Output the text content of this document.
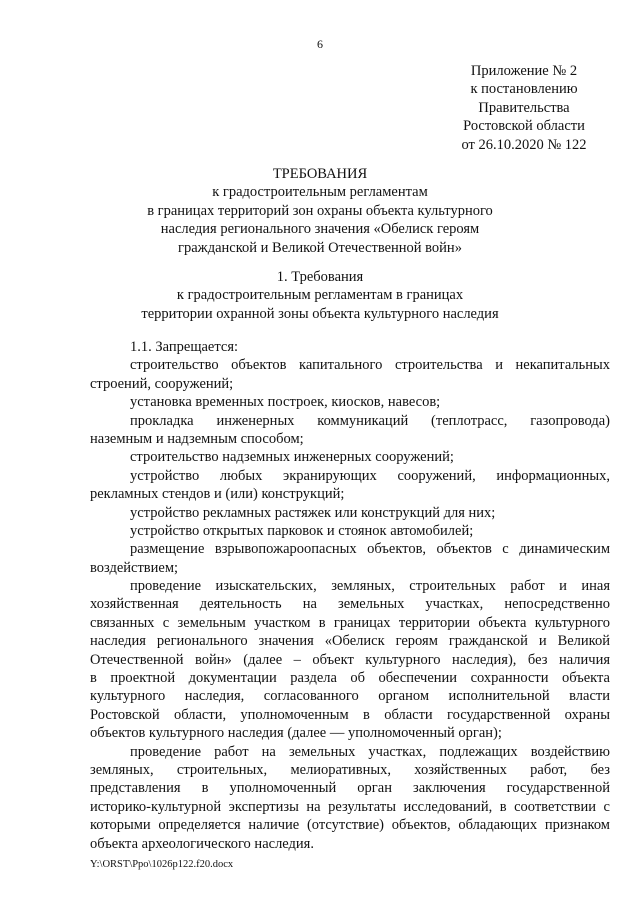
6
Приложение № 2
к постановлению
Правительства
Ростовской области
от 26.10.2020 № 122
ТРЕБОВАНИЯ
к градостроительным регламентам
в границах территорий зон охраны объекта культурного
наследия регионального значения «Обелиск героям
гражданской и Великой Отечественной войн»
1. Требования
к градостроительным регламентам в границах
территории охранной зоны объекта культурного наследия
1.1. Запрещается:
строительство объектов капитального строительства и некапитальных
строений, сооружений;
установка временных построек, киосков, навесов;
прокладка инженерных коммуникаций (теплотрасс, газопровода)
наземным и надземным способом;
строительство надземных инженерных сооружений;
устройство любых экранирующих сооружений, информационных,
рекламных стендов и (или) конструкций;
устройство рекламных растяжек или конструкций для них;
устройство открытых парковок и стоянок автомобилей;
размещение взрывопожароопасных объектов, объектов с динамическим
воздействием;
проведение изыскательских, земляных, строительных работ и иная
хозяйственная деятельность на земельных участках, непосредственно
связанных с земельным участком в границах территории объекта культурного
наследия регионального значения «Обелиск героям гражданской и Великой
Отечественной войн» (далее – объект культурного наследия), без наличия
в проектной документации раздела об обеспечении сохранности объекта
культурного наследия, согласованного органом исполнительной власти
Ростовской области, уполномоченным в области государственной охраны
объектов культурного наследия (далее — уполномоченный орган);
проведение работ на земельных участках, подлежащих воздействию
земляных, строительных, мелиоративных, хозяйственных работ, без
представления в уполномоченный орган заключения государственной
историко-культурной экспертизы на результаты исследований, в соответствии с
которыми определяется наличие (отсутствие) объектов, обладающих признаком
объекта археологического наследия.
Y:\ORST\Ppo\1026p122.f20.docx
